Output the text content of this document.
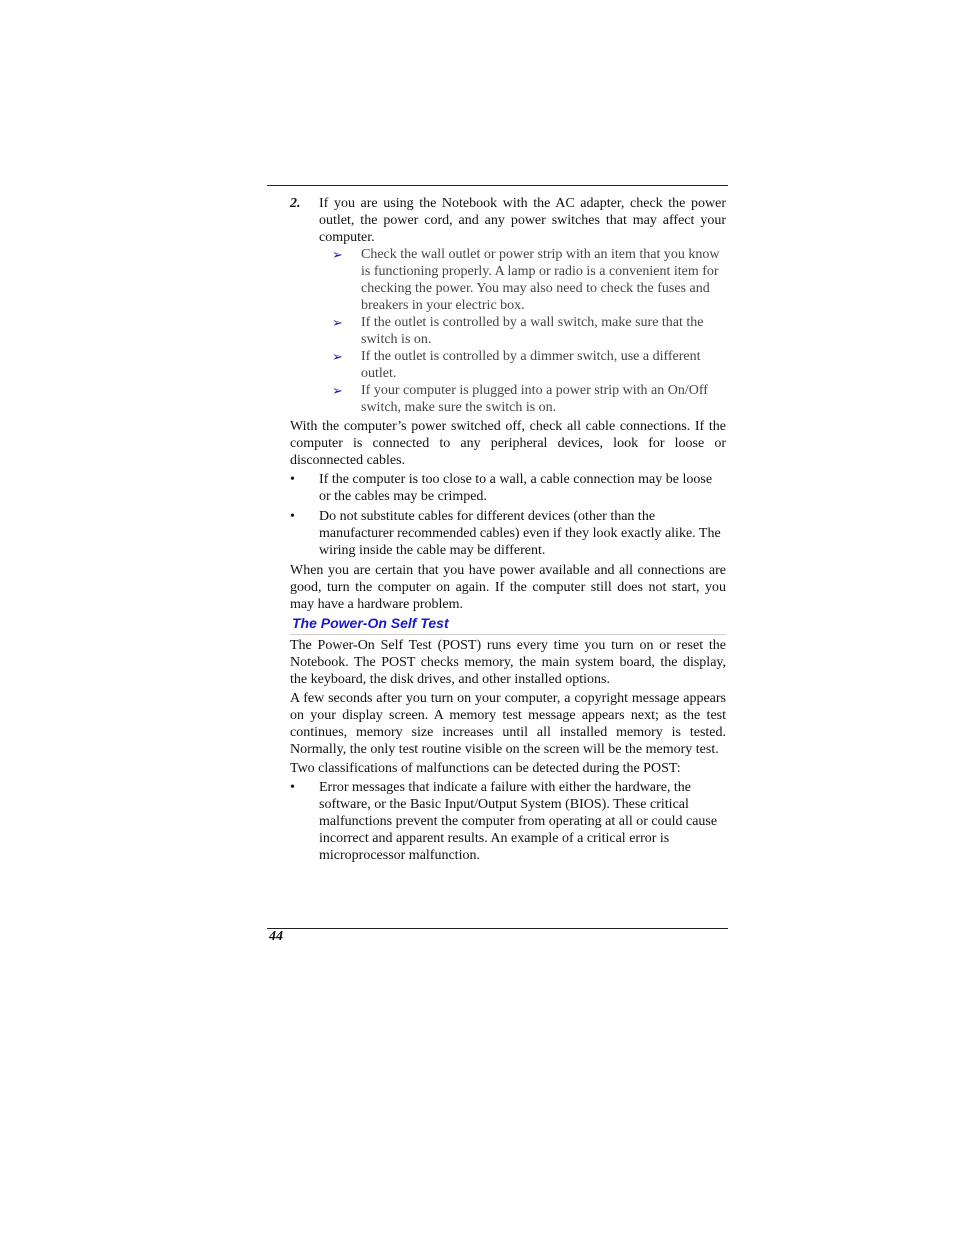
2. If you are using the Notebook with the AC adapter, check the power outlet, the power cord, and any power switches that may affect your computer.
➢ Check the wall outlet or power strip with an item that you know is functioning properly. A lamp or radio is a convenient item for checking the power. You may also need to check the fuses and breakers in your electric box.
➢ If the outlet is controlled by a wall switch, make sure that the switch is on.
➢ If the outlet is controlled by a dimmer switch, use a different outlet.
➢ If your computer is plugged into a power strip with an On/Off switch, make sure the switch is on.

With the computer’s power switched off, check all cable connections. If the computer is connected to any peripheral devices, look for loose or disconnected cables.

• If the computer is too close to a wall, a cable connection may be loose or the cables may be crimped.
• Do not substitute cables for different devices (other than the manufacturer recommended cables) even if they look exactly alike. The wiring inside the cable may be different.

When you are certain that you have power available and all connections are good, turn the computer on again. If the computer still does not start, you may have a hardware problem.

The Power-On Self Test

The Power-On Self Test (POST) runs every time you turn on or reset the Notebook. The POST checks memory, the main system board, the display, the keyboard, the disk drives, and other installed options.

A few seconds after you turn on your computer, a copyright message appears on your display screen. A memory test message appears next; as the test continues, memory size increases until all installed memory is tested. Normally, the only test routine visible on the screen will be the memory test.

Two classifications of malfunctions can be detected during the POST:

• Error messages that indicate a failure with either the hardware, the software, or the Basic Input/Output System (BIOS). These critical malfunctions prevent the computer from operating at all or could cause incorrect and apparent results. An example of a critical error is microprocessor malfunction.
44
